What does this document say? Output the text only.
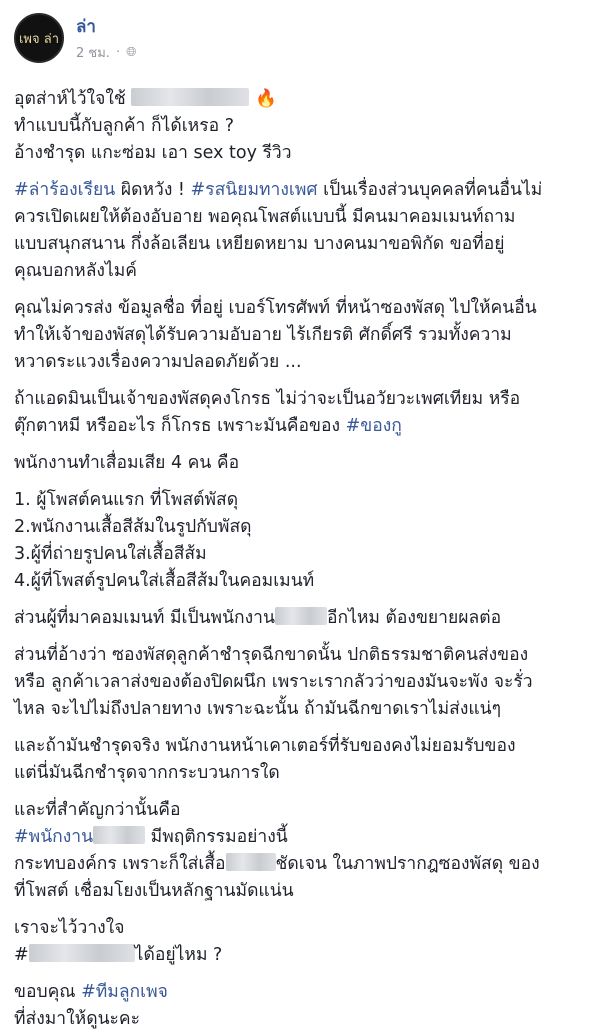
เพจ ล่า
ล่า
2 ชม. · 🌐︎
อุตส่าห์ไว้ใจใช้	🔥
ทำแบบนี้กับลูกค้า ก็ได้เหรอ ?
อ้างชำรุด แกะซ่อม เอา sex toy รีวิว
#ล่าร้องเรียน ผิดหวัง ! #รสนิยมทางเพศ เป็นเรื่องส่วนบุคคลที่คนอื่นไม่
ควรเปิดเผยให้ต้องอับอาย พอคุณโพสต์แบบนี้ มีคนมาคอมเมนท์ถาม
แบบสนุกสนาน กึ่งล้อเลียน เหยียดหยาม บางคนมาขอพิกัด ขอที่อยู่
คุณบอกหลังไมค์
คุณไม่ควรส่ง ข้อมูลชื่อ ที่อยู่ เบอร์โทรศัพท์ ที่หน้าซองพัสดุ ไปให้คนอื่น
ทำให้เจ้าของพัสดุได้รับความอับอาย ไร้เกียรติ ศักดิ์ศรี รวมทั้งความ
หวาดระแวงเรื่องความปลอดภัยด้วย ...
ถ้าแอดมินเป็นเจ้าของพัสดุคงโกรธ ไม่ว่าจะเป็นอวัยวะเพศเทียม หรือ
ตุ๊กตาหมี หรืออะไร ก็โกรธ เพราะมันคือของ #ของกู
พนักงานทำเสื่อมเสีย 4 คน คือ
1. ผู้โพสต์คนแรก ที่โพสต์พัสดุ
2.พนักงานเสื้อสีส้มในรูปกับพัสดุ
3.ผู้ที่ถ่ายรูปคนใส่เสื้อสีส้ม
4.ผู้ที่โพสต์รูปคนใส่เสื้อสีส้มในคอมเมนท์
ส่วนผู้ที่มาคอมเมนท์ มีเป็นพนักงาน	อีกไหม ต้องขยายผลต่อ
ส่วนที่อ้างว่า ซองพัสดุลูกค้าชำรุดฉีกขาดนั้น ปกติธรรมชาติคนส่งของ
หรือ ลูกค้าเวลาส่งของต้องปิดผนึก เพราะเรากลัวว่าของมันจะพัง จะรั่ว
ไหล จะไปไม่ถึงปลายทาง เพราะฉะนั้น ถ้ามันฉีกขาดเราไม่ส่งแน่ๆ
และถ้ามันชำรุดจริง พนักงานหน้าเคาเตอร์ที่รับของคงไม่ยอมรับของ
แต่นี่มันฉีกชำรุดจากกระบวนการใด
และที่สำคัญกว่านั้นคือ
#พนักงาน	มีพฤติกรรมอย่างนี้
กระทบองค์กร เพราะก็ใส่เสื้อ	ชัดเจน ในภาพปรากฎซองพัสดุ ของ
ที่โพสต์ เชื่อมโยงเป็นหลักฐานมัดแน่น
เราจะไว้วางใจ
#	ได้อยู่ไหม ?
ขอบคุณ #ทีมลูกเพจ
ที่ส่งมาให้ดูนะคะ
